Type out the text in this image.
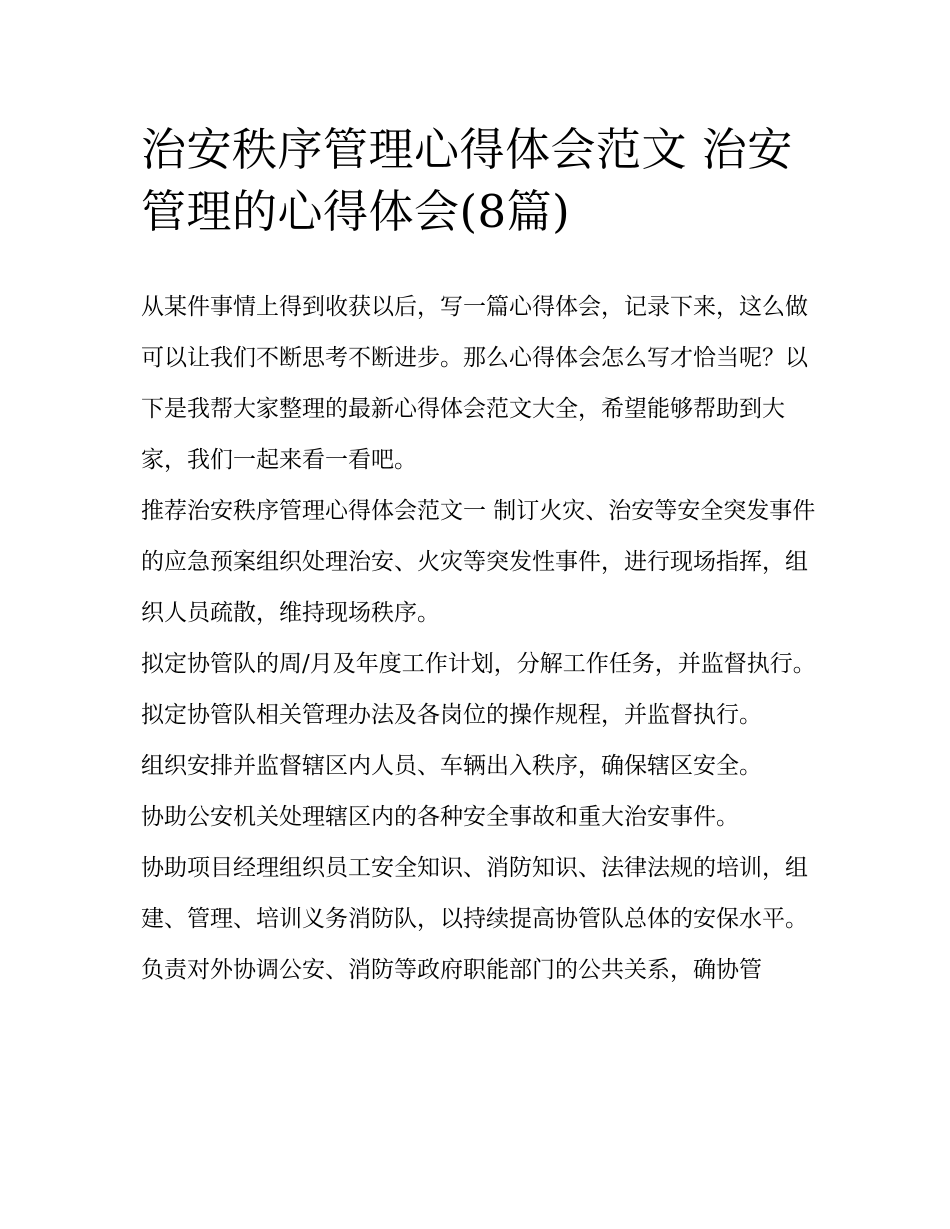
治安秩序管理心得体会范文 治安管理的心得体会(8篇)

从某件事情上得到收获以后，写一篇心得体会，记录下来，这么做可以让我们不断思考不断进步。那么心得体会怎么写才恰当呢？以下是我帮大家整理的最新心得体会范文大全，希望能够帮助到大家，我们一起来看一看吧。

推荐治安秩序管理心得体会范文一 制订火灾、治安等安全突发事件的应急预案组织处理治安、火灾等突发性事件，进行现场指挥，组织人员疏散，维持现场秩序。

拟定协管队的周/月及年度工作计划，分解工作任务，并监督执行。 拟定协管队相关管理办法及各岗位的操作规程，并监督执行。

组织安排并监督辖区内人员、车辆出入秩序，确保辖区安全。

协助公安机关处理辖区内的各种安全事故和重大治安事件。

协助项目经理组织员工安全知识、消防知识、法律法规的培训，组建、管理、培训义务消防队，以持续提高协管队总体的安保水平。

负责对外协调公安、消防等政府职能部门的公共关系，确协管
